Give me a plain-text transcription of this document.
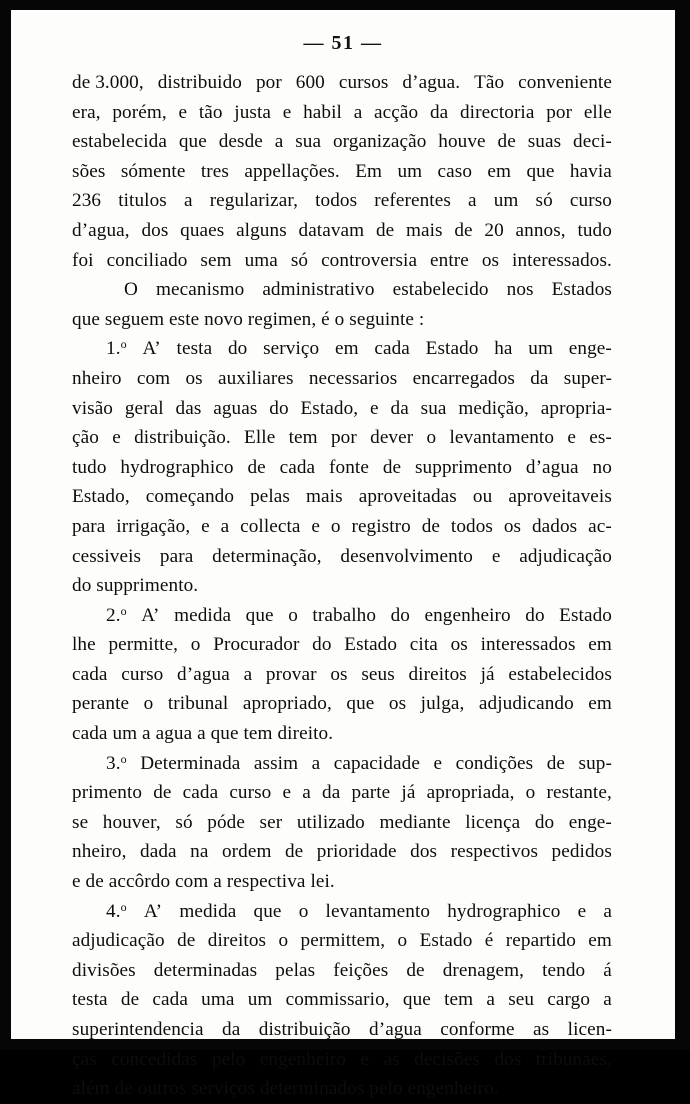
— 51 —
de 3.000, distribuido por 600 cursos d’agua. Tão conveniente
era, porém, e tão justa e habil a acção da directoria por elle
estabelecida que desde a sua organização houve de suas deci-
sões sómente tres appellações. Em um caso em que havia
236 titulos a regularizar, todos referentes a um só curso
d’agua, dos quaes alguns datavam de mais de 20 annos, tudo
foi conciliado sem uma só controversia entre os interessados.
O mecanismo administrativo estabelecido nos Estados
que seguem este novo regimen, é o seguinte :
1.$^o$ A’ testa do serviço em cada Estado ha um enge-
nheiro com os auxiliares necessarios encarregados da super-
visão geral das aguas do Estado, e da sua medição, apropria-
ção e distribuição. Elle tem por dever o levantamento e es-
tudo hydrographico de cada fonte de supprimento d’agua no
Estado, começando pelas mais aproveitadas ou aproveitaveis
para irrigação, e a collecta e o registro de todos os dados ac-
cessiveis para determinação, desenvolvimento e adjudicação
do supprimento.
2.$^o$ A’ medida que o trabalho do engenheiro do Estado
lhe permitte, o Procurador do Estado cita os interessados em
cada curso d’agua a provar os seus direitos já estabelecidos
perante o tribunal apropriado, que os julga, adjudicando em
cada um a agua a que tem direito.
3.$^o$ Determinada assim a capacidade e condições de sup-
primento de cada curso e a da parte já apropriada, o restante,
se houver, só póde ser utilizado mediante licença do enge-
nheiro, dada na ordem de prioridade dos respectivos pedidos
e de accôrdo com a respectiva lei.
4.$^o$ A’ medida que o levantamento hydrographico e a
adjudicação de direitos o permittem, o Estado é repartido em
divisões determinadas pelas feições de drenagem, tendo á
testa de cada uma um commissario, que tem a seu cargo a
superintendencia da distribuição d’agua conforme as licen-
ças concedidas pelo engenheiro e as decisões dos tribunaes,
além de outros serviços determinados pelo engenheiro.
